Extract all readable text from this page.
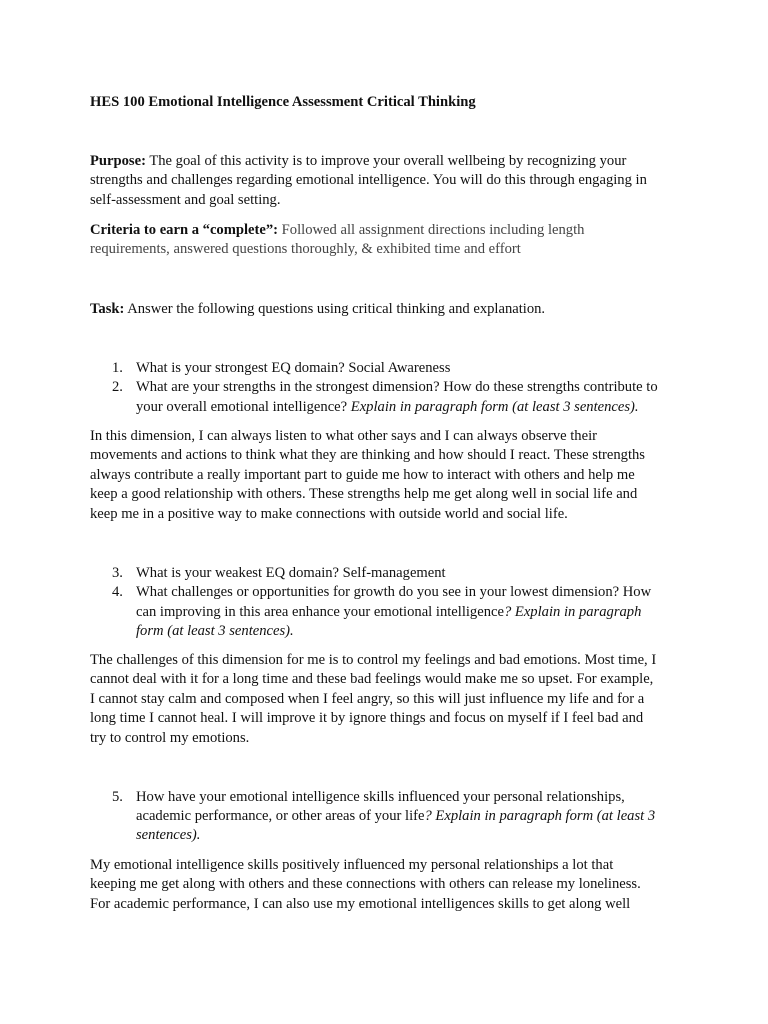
HES 100 Emotional Intelligence Assessment Critical Thinking
Purpose: The goal of this activity is to improve your overall wellbeing by recognizing your
strengths and challenges regarding emotional intelligence. You will do this through engaging in
self-assessment and goal setting.
Criteria to earn a “complete”: Followed all assignment directions including length
requirements, answered questions thoroughly, & exhibited time and effort
Task: Answer the following questions using critical thinking and explanation.
1. What is your strongest EQ domain? Social Awareness
2. What are your strengths in the strongest dimension? How do these strengths contribute to
your overall emotional intelligence? Explain in paragraph form (at least 3 sentences).
In this dimension, I can always listen to what other says and I can always observe their
movements and actions to think what they are thinking and how should I react. These strengths
always contribute a really important part to guide me how to interact with others and help me
keep a good relationship with others. These strengths help me get along well in social life and
keep me in a positive way to make connections with outside world and social life.
3. What is your weakest EQ domain? Self-management
4. What challenges or opportunities for growth do you see in your lowest dimension? How
can improving in this area enhance your emotional intelligence? Explain in paragraph
form (at least 3 sentences).
The challenges of this dimension for me is to control my feelings and bad emotions. Most time, I
cannot deal with it for a long time and these bad feelings would make me so upset. For example,
I cannot stay calm and composed when I feel angry, so this will just influence my life and for a
long time I cannot heal. I will improve it by ignore things and focus on myself if I feel bad and
try to control my emotions.
5. How have your emotional intelligence skills influenced your personal relationships,
academic performance, or other areas of your life? Explain in paragraph form (at least 3
sentences).
My emotional intelligence skills positively influenced my personal relationships a lot that
keeping me get along with others and these connections with others can release my loneliness.
For academic performance, I can also use my emotional intelligences skills to get along well
